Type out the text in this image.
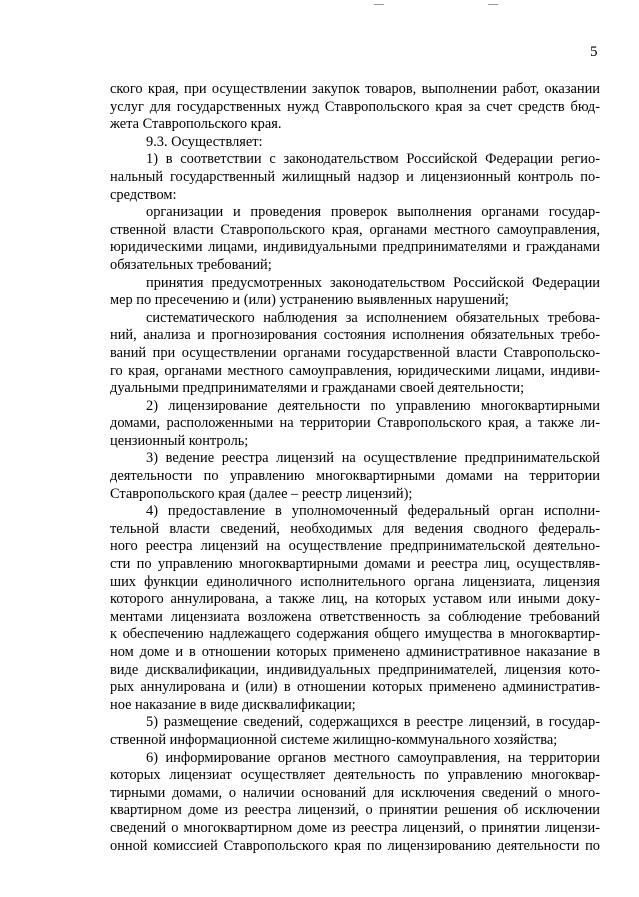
5
ского края, при осуществлении закупок товаров, выполнении работ, оказании
услуг для государственных нужд Ставропольского края за счет средств бюд-
жета Ставропольского края.
9.3. Осуществляет:
1) в соответствии с законодательством Российской Федерации регио-
нальный государственный жилищный надзор и лицензионный контроль по-
средством:
организации и проведения проверок выполнения органами государ-
ственной власти Ставропольского края, органами местного самоуправления,
юридическими лицами, индивидуальными предпринимателями и гражданами
обязательных требований;
принятия предусмотренных законодательством Российской Федерации
мер по пресечению и (или) устранению выявленных нарушений;
систематического наблюдения за исполнением обязательных требова-
ний, анализа и прогнозирования состояния исполнения обязательных требо-
ваний при осуществлении органами государственной власти Ставропольско-
го края, органами местного самоуправления, юридическими лицами, индиви-
дуальными предпринимателями и гражданами своей деятельности;
2) лицензирование деятельности по управлению многоквартирными
домами, расположенными на территории Ставропольского края, а также ли-
цензионный контроль;
3) ведение реестра лицензий на осуществление предпринимательской
деятельности по управлению многоквартирными домами на территории
Ставропольского края (далее – реестр лицензий);
4) предоставление в уполномоченный федеральный орган исполни-
тельной власти сведений, необходимых для ведения сводного федераль-
ного реестра лицензий на осуществление предпринимательской деятельно-
сти по управлению многоквартирными домами и реестра лиц, осуществляв-
ших функции единоличного исполнительного органа лицензиата, лицензия
которого аннулирована, а также лиц, на которых уставом или иными доку-
ментами лицензиата возложена ответственность за соблюдение требований
к обеспечению надлежащего содержания общего имущества в многоквартир-
ном доме и в отношении которых применено административное наказание в
виде дисквалификации, индивидуальных предпринимателей, лицензия кото-
рых аннулирована и (или) в отношении которых применено административ-
ное наказание в виде дисквалификации;
5) размещение сведений, содержащихся в реестре лицензий, в государ-
ственной информационной системе жилищно-коммунального хозяйства;
6) информирование органов местного самоуправления, на территории
которых лицензиат осуществляет деятельность по управлению многоквар-
тирными домами, о наличии оснований для исключения сведений о много-
квартирном доме из реестра лицензий, о принятии решения об исключении
сведений о многоквартирном доме из реестра лицензий, о принятии лицензи-
онной комиссией Ставропольского края по лицензированию деятельности по
